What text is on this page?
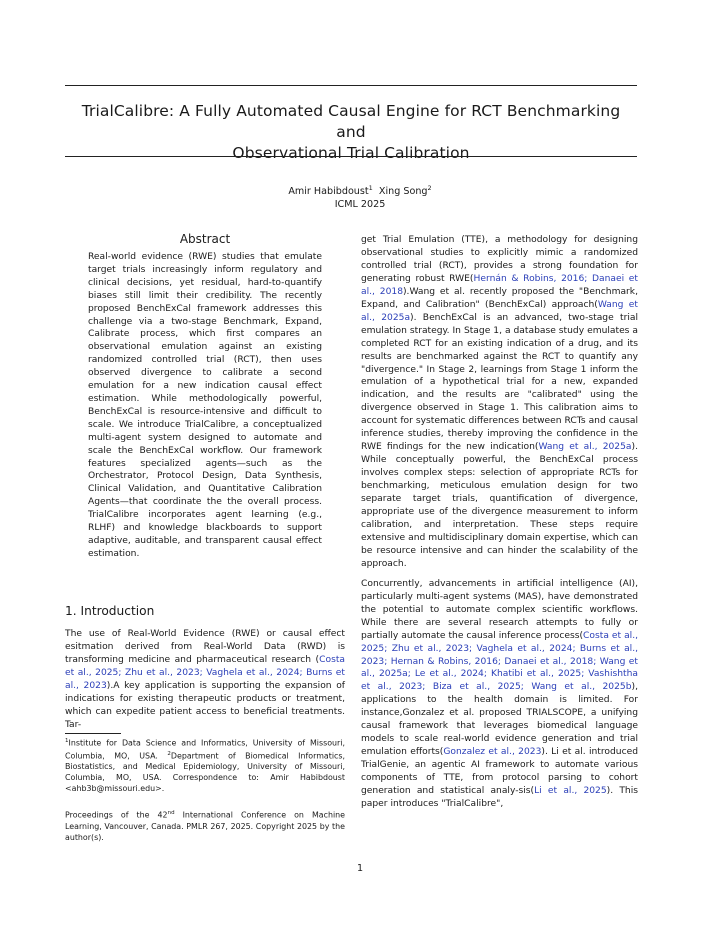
TrialCalibre: A Fully Automated Causal Engine for RCT Benchmarking and
Observational Trial Calibration
Amir Habibdoust$^1$ Xing Song$^2$
ICML 2025
Abstract
Real-world evidence (RWE) studies that emulate target trials increasingly inform regulatory and clinical decisions, yet residual, hard-to-quantify biases still limit their credibility. The recently proposed BenchExCal framework addresses this challenge via a two-stage Benchmark, Expand, Calibrate process, which first compares an observational emulation against an existing randomized controlled trial (RCT), then uses observed divergence to calibrate a second emulation for a new indication causal effect estimation. While methodologically powerful, BenchExCal is resource-intensive and difficult to scale. We introduce TrialCalibre, a conceptualized multi-agent system designed to automate and scale the BenchExCal workflow. Our framework features specialized agents—such as the Orchestrator, Protocol Design, Data Synthesis, Clinical Validation, and Quantitative Calibration Agents—that coordinate the the overall process. TrialCalibre incorporates agent learning (e.g., RLHF) and knowledge blackboards to support adaptive, auditable, and transparent causal effect estimation.
1. Introduction
The use of Real-World Evidence (RWE) or causal effect esitmation derived from Real-World Data (RWD) is transforming medicine and pharmaceutical research (Costa et al., 2025; Zhu et al., 2023; Vaghela et al., 2024; Burns et al., 2023).A key application is supporting the expansion of indications for existing therapeutic products or treatment, which can expedite patient access to beneficial treatments. Tar-
$^1$Institute for Data Science and Informatics, University of Missouri, Columbia, MO, USA. $^2$Department of Biomedical Informatics, Biostatistics, and Medical Epidemiology, University of Missouri, Columbia, MO, USA. Correspondence to: Amir Habibdoust <ahb3b@missouri.edu>.
Proceedings of the 42nd International Conference on Machine Learning, Vancouver, Canada. PMLR 267, 2025. Copyright 2025 by the author(s).

get Trial Emulation (TTE), a methodology for designing observational studies to explicitly mimic a randomized controlled trial (RCT), provides a strong foundation for generating robust RWE(Hernán & Robins, 2016; Danaei et al., 2018).Wang et al. recently proposed the "Benchmark, Expand, and Calibration" (BenchExCal) approach(Wang et al., 2025a). BenchExCal is an advanced, two-stage trial emulation strategy. In Stage 1, a database study emulates a completed RCT for an existing indication of a drug, and its results are benchmarked against the RCT to quantify any "divergence." In Stage 2, learnings from Stage 1 inform the emulation of a hypothetical trial for a new, expanded indication, and the results are "calibrated" using the divergence observed in Stage 1. This calibration aims to account for systematic differences between RCTs and causal inference studies, thereby improving the confidence in the RWE findings for the new indication(Wang et al., 2025a). While conceptually powerful, the BenchExCal process involves complex steps: selection of appropriate RCTs for benchmarking, meticulous emulation design for two separate target trials, quantification of divergence, appropriate use of the divergence measurement to inform calibration, and interpretation. These steps require extensive and multidisciplinary domain expertise, which can be resource intensive and can hinder the scalability of the approach.

Concurrently, advancements in artificial intelligence (AI), particularly multi-agent systems (MAS), have demonstrated the potential to automate complex scientific workflows. While there are several research attempts to fully or partially automate the causal inference process(Costa et al., 2025; Zhu et al., 2023; Vaghela et al., 2024; Burns et al., 2023; Hernan & Robins, 2016; Danaei et al., 2018; Wang et al., 2025a; Le et al., 2024; Khatibi et al., 2025; Vashishtha et al., 2023; Biza et al., 2025; Wang et al., 2025b), applications to the health domain is limited. For instance,Gonzalez et al. proposed TRIALSCOPE, a unifying causal framework that leverages biomedical language models to scale real-world evidence generation and trial emulation efforts(Gonzalez et al., 2023). Li et al. introduced TrialGenie, an agentic AI framework to automate various components of TTE, from protocol parsing to cohort generation and statistical analy-sis(Li et al., 2025). This paper introduces "TrialCalibre",

1
